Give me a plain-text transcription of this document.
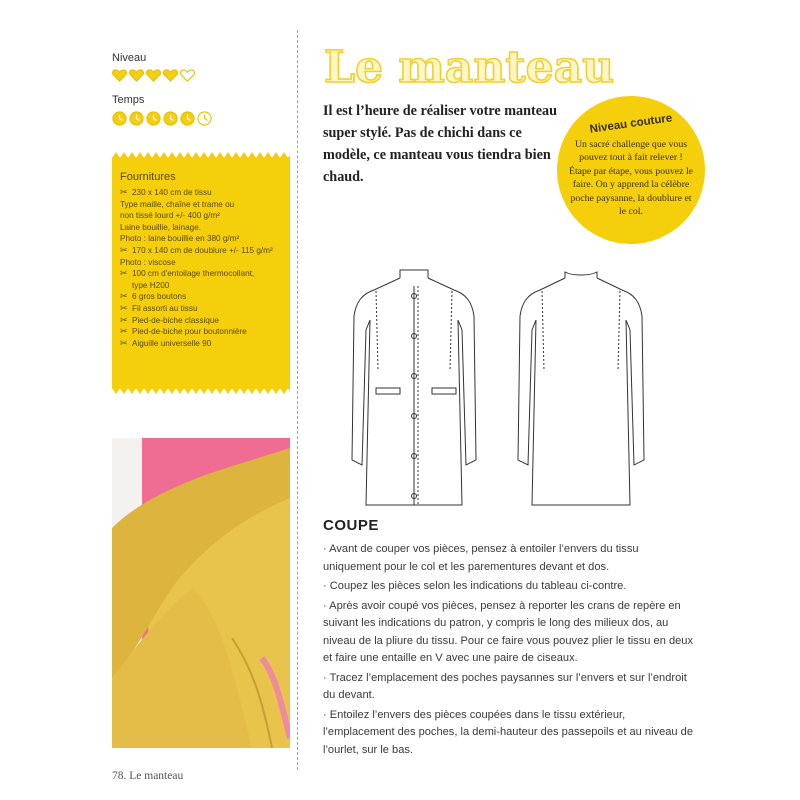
Niveau
Temps
Fournitures
✂ 230 x 140 cm de tissu
Type maille, chaîne et trame ou
non tissé lourd +/- 400 g/m²
Laine bouillie, lainage.
Photo : laine bouillie en 380 g/m²
✂ 170 x 140 cm de doublure +/- 115 g/m²
Photo : viscose
✂ 100 cm d'entoilage thermocollant,
type H200
✂ 6 gros boutons
✂ Fil assorti au tissu
✂ Pied-de-biche classique
✂ Pied-de-biche pour boutonnière
✂ Aiguille universelle 90
Le manteau
Il est l’heure de réaliser votre manteau super stylé. Pas de chichi dans ce modèle, ce manteau vous tiendra bien chaud.
Niveau couture
Un sacré challenge que vous pouvez tout à fait relever ! Étape par étape, vous pouvez le faire. On y apprend la célèbre poche paysanne, la doublure et le col.
COUPE
· Avant de couper vos pièces, pensez à entoiler l’envers du tissu uniquement pour le col et les parementures devant et dos.
· Coupez les pièces selon les indications du tableau ci-contre.
· Après avoir coupé vos pièces, pensez à reporter les crans de repère en suivant les indications du patron, y compris le long des milieux dos, au niveau de la pliure du tissu. Pour ce faire vous pouvez plier le tissu en deux et faire une entaille en V avec une paire de ciseaux.
· Tracez l’emplacement des poches paysannes sur l’envers et sur l’endroit du devant.
· Entoilez l’envers des pièces coupées dans le tissu extérieur, l’emplacement des poches, la demi-hauteur des passepoils et au niveau de l’ourlet, sur le bas.
78. Le manteau
